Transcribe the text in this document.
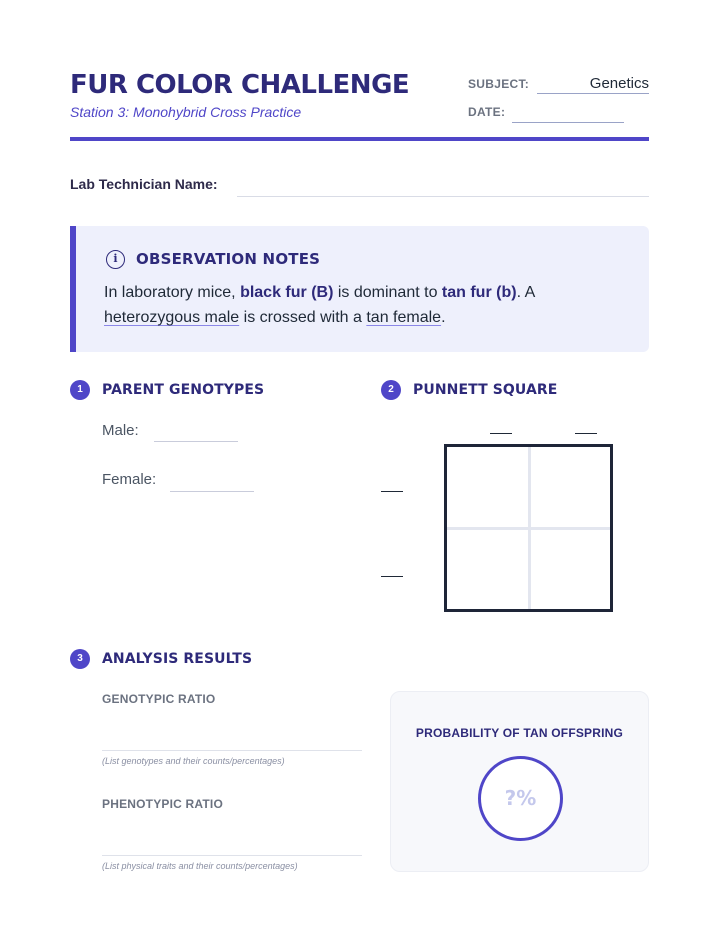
FUR COLOR CHALLENGE
Station 3: Monohybrid Cross Practice
SUBJECT:	Genetics
DATE:
Lab Technician Name:
i	OBSERVATION NOTES
In laboratory mice, black fur (B) is dominant to tan fur (b). A
heterozygous male is crossed with a tan female.
1	PARENT GENOTYPES
Male:
Female:
2	PUNNETT SQUARE
3	ANALYSIS RESULTS
GENOTYPIC RATIO
(List genotypes and their counts/percentages)
PHENOTYPIC RATIO
(List physical traits and their counts/percentages)
PROBABILITY OF TAN OFFSPRING
?%
